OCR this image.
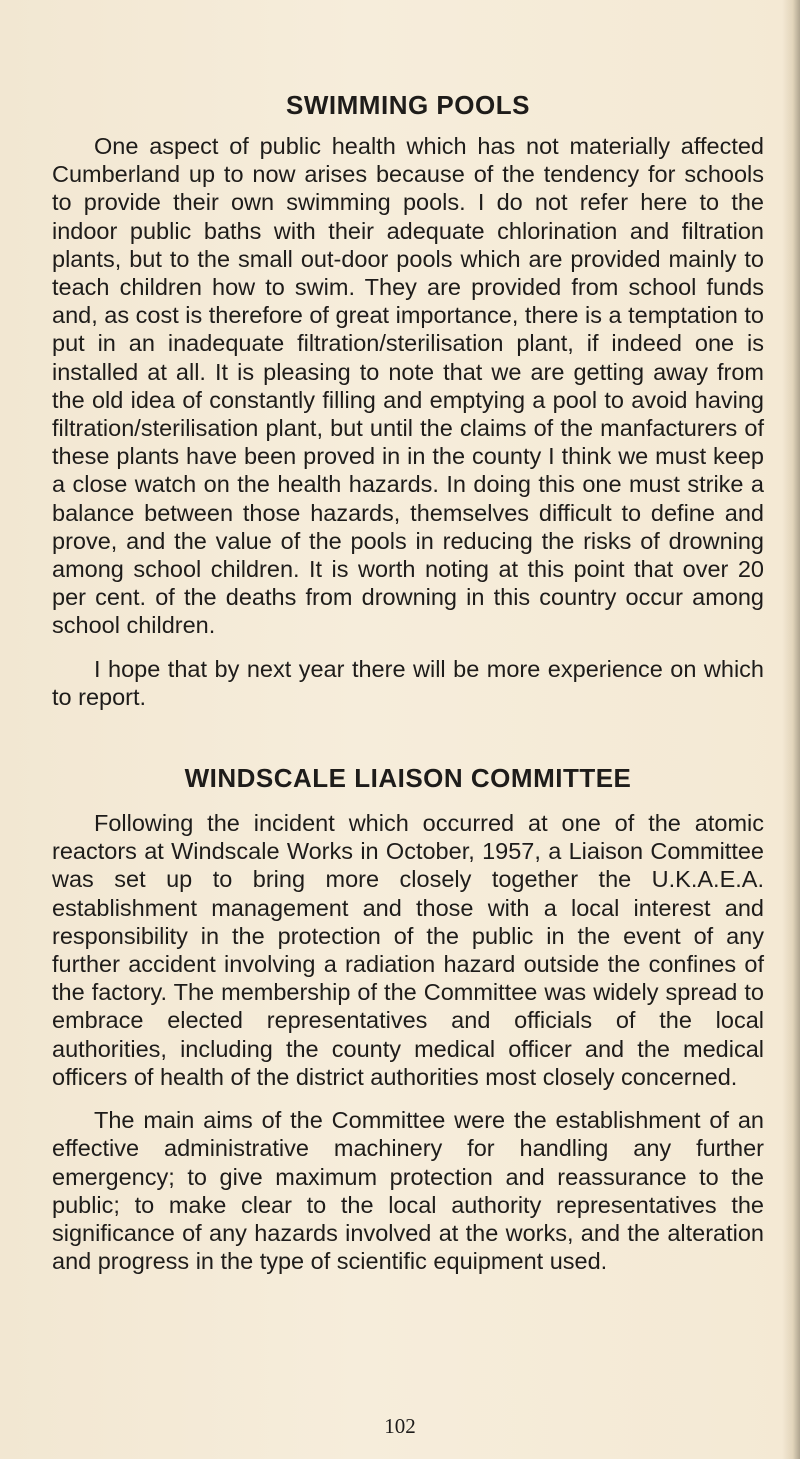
SWIMMING POOLS

One aspect of public health which has not materially affected Cumberland up to now arises because of the tendency for schools to provide their own swimming pools. I do not refer here to the indoor public baths with their adequate chlorination and filtration plants, but to the small out-door pools which are provided mainly to teach children how to swim. They are provided from school funds and, as cost is therefore of great importance, there is a temptation to put in an inadequate filtration/sterilisation plant, if indeed one is installed at all. It is pleasing to note that we are getting away from the old idea of constantly filling and emptying a pool to avoid having filtration/sterilisation plant, but until the claims of the manfacturers of these plants have been proved in in the county I think we must keep a close watch on the health hazards. In doing this one must strike a balance between those hazards, themselves difficult to define and prove, and the value of the pools in reducing the risks of drowning among school children. It is worth noting at this point that over 20 per cent. of the deaths from drowning in this country occur among school children.

I hope that by next year there will be more experience on which to report.

WINDSCALE LIAISON COMMITTEE

Following the incident which occurred at one of the atomic reactors at Windscale Works in October, 1957, a Liaison Committee was set up to bring more closely together the U.K.A.E.A. establishment management and those with a local interest and responsibility in the protection of the public in the event of any further accident involving a radiation hazard outside the confines of the factory. The membership of the Committee was widely spread to embrace elected representatives and officials of the local authorities, including the county medical officer and the medical officers of health of the district authorities most closely concerned.

The main aims of the Committee were the establishment of an effective administrative machinery for handling any further emergency; to give maximum protection and reassurance to the public; to make clear to the local authority representatives the significance of any hazards involved at the works, and the alteration and progress in the type of scientific equipment used.

102
